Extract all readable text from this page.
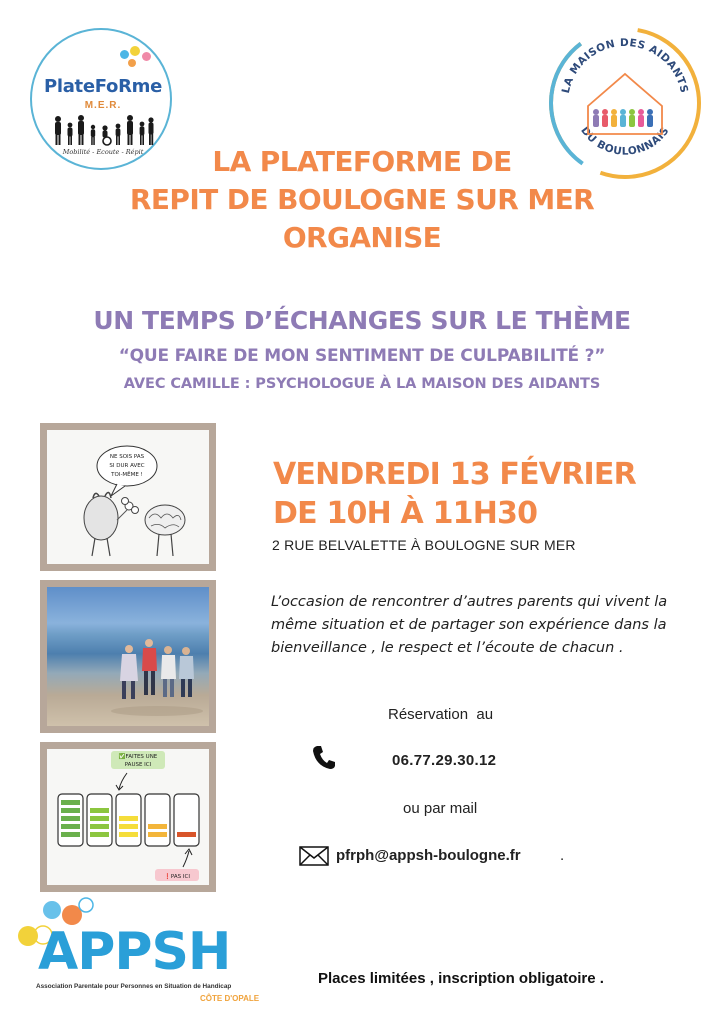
PlateFoRme
M.E.R.
Mobilité - Ecoute - Répit
LA MAISON DES AIDANTS
DU BOULONNAIS
LA PLATEFORME DE
REPIT DE BOULOGNE SUR MER
ORGANISE
UN TEMPS D’ÉCHANGES SUR LE THÈME
“QUE FAIRE DE MON SENTIMENT DE CULPABILITÉ ?”
AVEC CAMILLE : PSYCHOLOGUE À LA MAISON DES AIDANTS
NE SOIS PAS
SI DUR AVEC
TOI-MÊME !
✅FAITES UNE
PAUSE ICI
❗PAS ICI
VENDREDI 13 FÉVRIER
DE 10H À 11H30
2 RUE BELVALETTE À BOULOGNE SUR MER
L’occasion de rencontrer d’autres parents qui vivent la même situation et de partager son expérience dans la bienveillance , le respect et l’écoute de chacun .
Réservation  au
06.77.29.30.12
ou par mail
pfrph@appsh-boulogne.fr	.
APPSH
Association Parentale pour Personnes en Situation de Handicap
CÔTE D'OPALE
Places limitées , inscription obligatoire .
